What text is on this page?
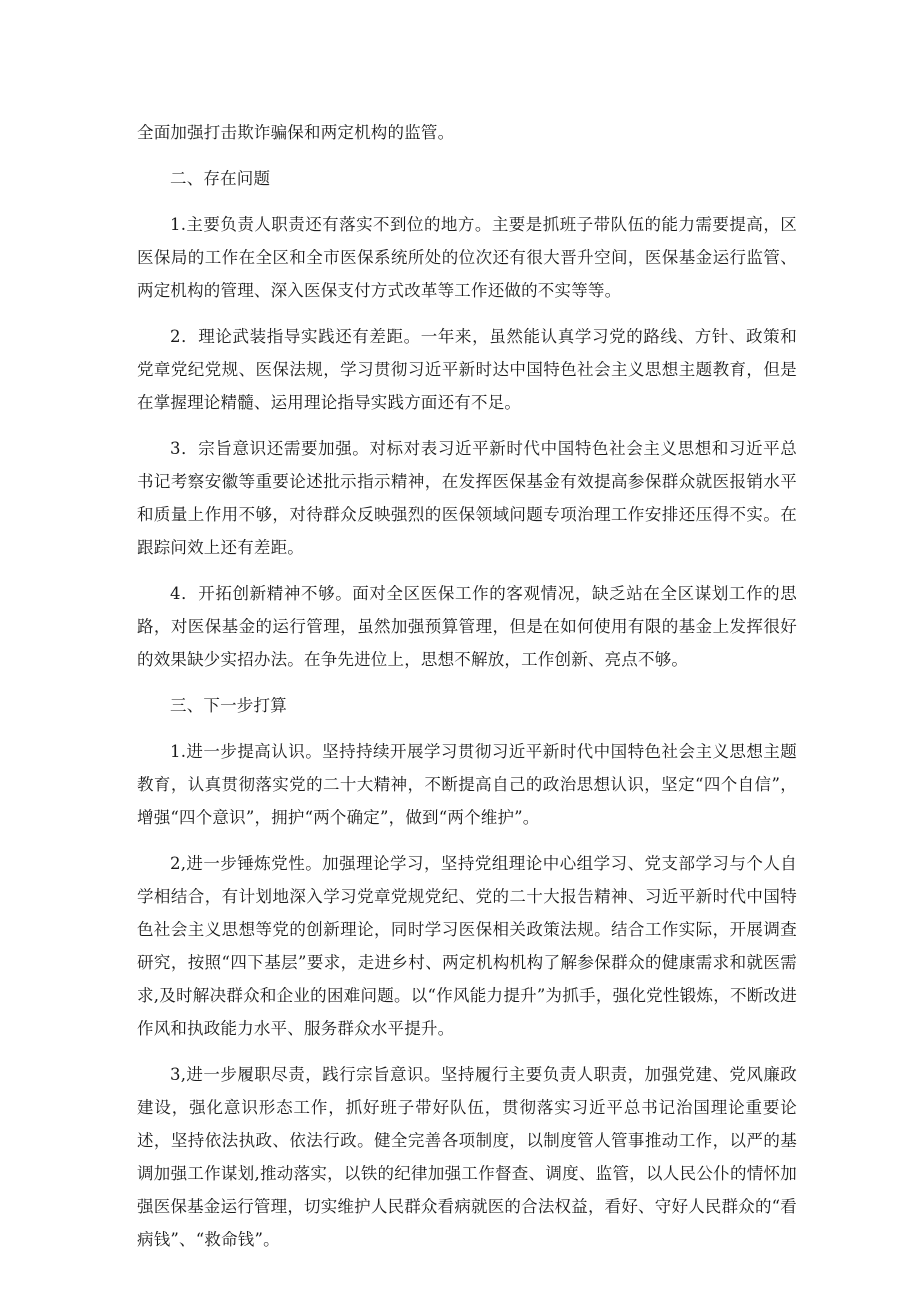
全面加强打击欺诈骗保和两定机构的监管。

二、存在问题

1.主要负责人职责还有落实不到位的地方。主要是抓班子带队伍的能力需要提高，区医保局的工作在全区和全市医保系统所处的位次还有很大晋升空间，医保基金运行监管、两定机构的管理、深入医保支付方式改革等工作还做的不实等等。

2．理论武装指导实践还有差距。一年来，虽然能认真学习党的路线、方针、政策和党章党纪党规、医保法规，学习贯彻习近平新时达中国特色社会主义思想主题教育，但是在掌握理论精髓、运用理论指导实践方面还有不足。

3．宗旨意识还需要加强。对标对表习近平新时代中国特色社会主义思想和习近平总书记考察安徽等重要论述批示指示精神，在发挥医保基金有效提高参保群众就医报销水平和质量上作用不够，对待群众反映强烈的医保领域问题专项治理工作安排还压得不实。在跟踪问效上还有差距。

4．开拓创新精神不够。面对全区医保工作的客观情况，缺乏站在全区谋划工作的思路，对医保基金的运行管理，虽然加强预算管理，但是在如何使用有限的基金上发挥很好的效果缺少实招办法。在争先进位上，思想不解放，工作创新、亮点不够。

三、下一步打算

1.进一步提高认识。坚持持续开展学习贯彻习近平新时代中国特色社会主义思想主题教育，认真贯彻落实党的二十大精神，不断提高自己的政治思想认识，坚定“四个自信”，增强“四个意识”，拥护“两个确定”，做到“两个维护”。

2,进一步锤炼党性。加强理论学习，坚持党组理论中心组学习、党支部学习与个人自学相结合，有计划地深入学习党章党规党纪、党的二十大报告精神、习近平新时代中国特色社会主义思想等党的创新理论，同时学习医保相关政策法规。结合工作实际，开展调查研究，按照“四下基层”要求，走进乡村、两定机构机构了解参保群众的健康需求和就医需求,及时解决群众和企业的困难问题。以“作风能力提升”为抓手，强化党性锻炼，不断改进作风和执政能力水平、服务群众水平提升。

3,进一步履职尽责，践行宗旨意识。坚持履行主要负责人职责，加强党建、党风廉政建设，强化意识形态工作，抓好班子带好队伍，贯彻落实习近平总书记治国理论重要论述，坚持依法执政、依法行政。健全完善各项制度，以制度管人管事推动工作，以严的基调加强工作谋划,推动落实，以铁的纪律加强工作督查、调度、监管，以人民公仆的情怀加强医保基金运行管理，切实维护人民群众看病就医的合法权益，看好、守好人民群众的“看病钱”、“救命钱”。
